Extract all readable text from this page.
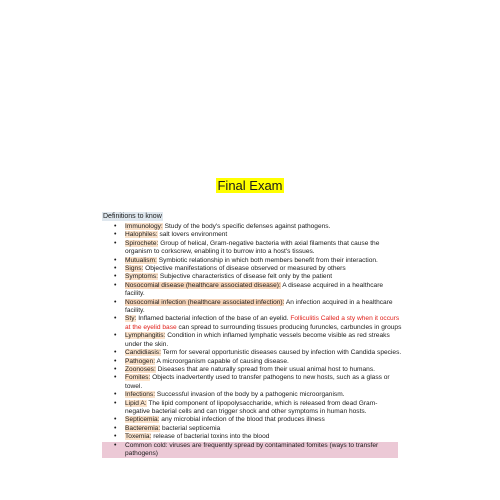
Final Exam
Definitions to know
• Immunology: Study of the body's specific defenses against pathogens.
• Halophiles: salt lovers environment
• Spirochete: Group of helical, Gram-negative bacteria with axial filaments that cause the organism to corkscrew, enabling it to burrow into a host's tissues.
• Mutualism: Symbiotic relationship in which both members benefit from their interaction.
• Signs: Objective manifestations of disease observed or measured by others
• Symptoms: Subjective characteristics of disease felt only by the patient
• Nosocomial disease (healthcare associated disease): A disease acquired in a healthcare facility.
• Nosocomial infection (healthcare associated infection): An infection acquired in a healthcare facility.
• Sty: Inflamed bacterial infection of the base of an eyelid. Folliculitis Called a sty when it occurs at the eyelid base can spread to surrounding tissues producing furuncles, carbuncles in groups
• Lymphangitis: Condition in which inflamed lymphatic vessels become visible as red streaks under the skin.
• Candidiasis: Term for several opportunistic diseases caused by infection with Candida species.
• Pathogen: A microorganism capable of causing disease.
• Zoonoses: Diseases that are naturally spread from their usual animal host to humans.
• Fomites: Objects inadvertently used to transfer pathogens to new hosts, such as a glass or towel.
• Infections: Successful invasion of the body by a pathogenic microorganism.
• Lipid A: The lipid component of lipopolysaccharide, which is released from dead Gram-negative bacterial cells and can trigger shock and other symptoms in human hosts.
• Septicemia: any microbial infection of the blood that produces illness
• Bacteremia: bacterial septicemia
• Toxemia: release of bacterial toxins into the blood
• Common cold: viruses are frequently spread by contaminated fomites (ways to transfer pathogens)
